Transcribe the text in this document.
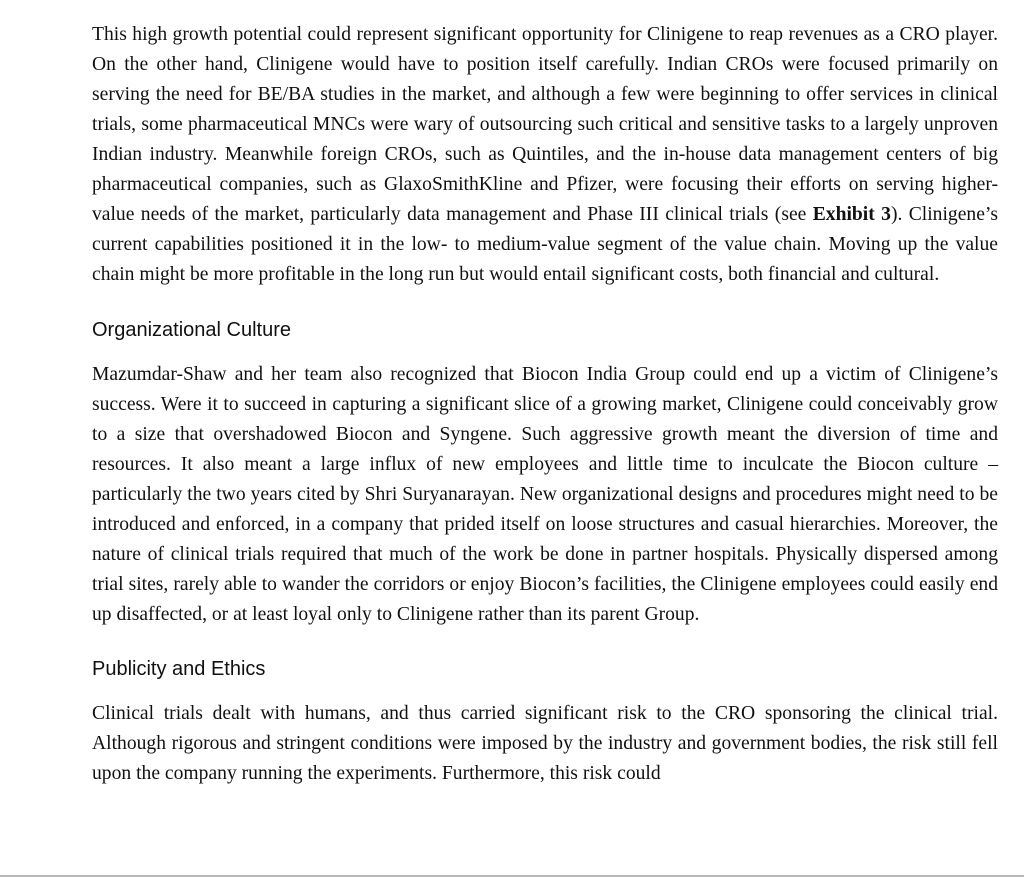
This high growth potential could represent significant opportunity for Clinigene to reap revenues as a CRO player. On the other hand, Clinigene would have to position itself carefully. Indian CROs were focused primarily on serving the need for BE/BA studies in the market, and although a few were beginning to offer services in clinical trials, some pharmaceutical MNCs were wary of outsourcing such critical and sensitive tasks to a largely unproven Indian industry. Meanwhile foreign CROs, such as Quintiles, and the in-house data management centers of big pharmaceutical companies, such as GlaxoSmithKline and Pfizer, were focusing their efforts on serving higher-value needs of the market, particularly data management and Phase III clinical trials (see Exhibit 3). Clinigene’s current capabilities positioned it in the low- to medium-value segment of the value chain. Moving up the value chain might be more profitable in the long run but would entail significant costs, both financial and cultural.

Organizational Culture

Mazumdar-Shaw and her team also recognized that Biocon India Group could end up a victim of Clinigene’s success. Were it to succeed in capturing a significant slice of a growing market, Clinigene could conceivably grow to a size that overshadowed Biocon and Syngene. Such aggressive growth meant the diversion of time and resources. It also meant a large influx of new employees and little time to inculcate the Biocon culture – particularly the two years cited by Shri Suryanarayan. New organizational designs and procedures might need to be introduced and enforced, in a company that prided itself on loose structures and casual hierarchies. Moreover, the nature of clinical trials required that much of the work be done in partner hospitals. Physically dispersed among trial sites, rarely able to wander the corridors or enjoy Biocon’s facilities, the Clinigene employees could easily end up disaffected, or at least loyal only to Clinigene rather than its parent Group.

Publicity and Ethics

Clinical trials dealt with humans, and thus carried significant risk to the CRO sponsoring the clinical trial. Although rigorous and stringent conditions were imposed by the industry and government bodies, the risk still fell upon the company running the experiments. Furthermore, this risk could
